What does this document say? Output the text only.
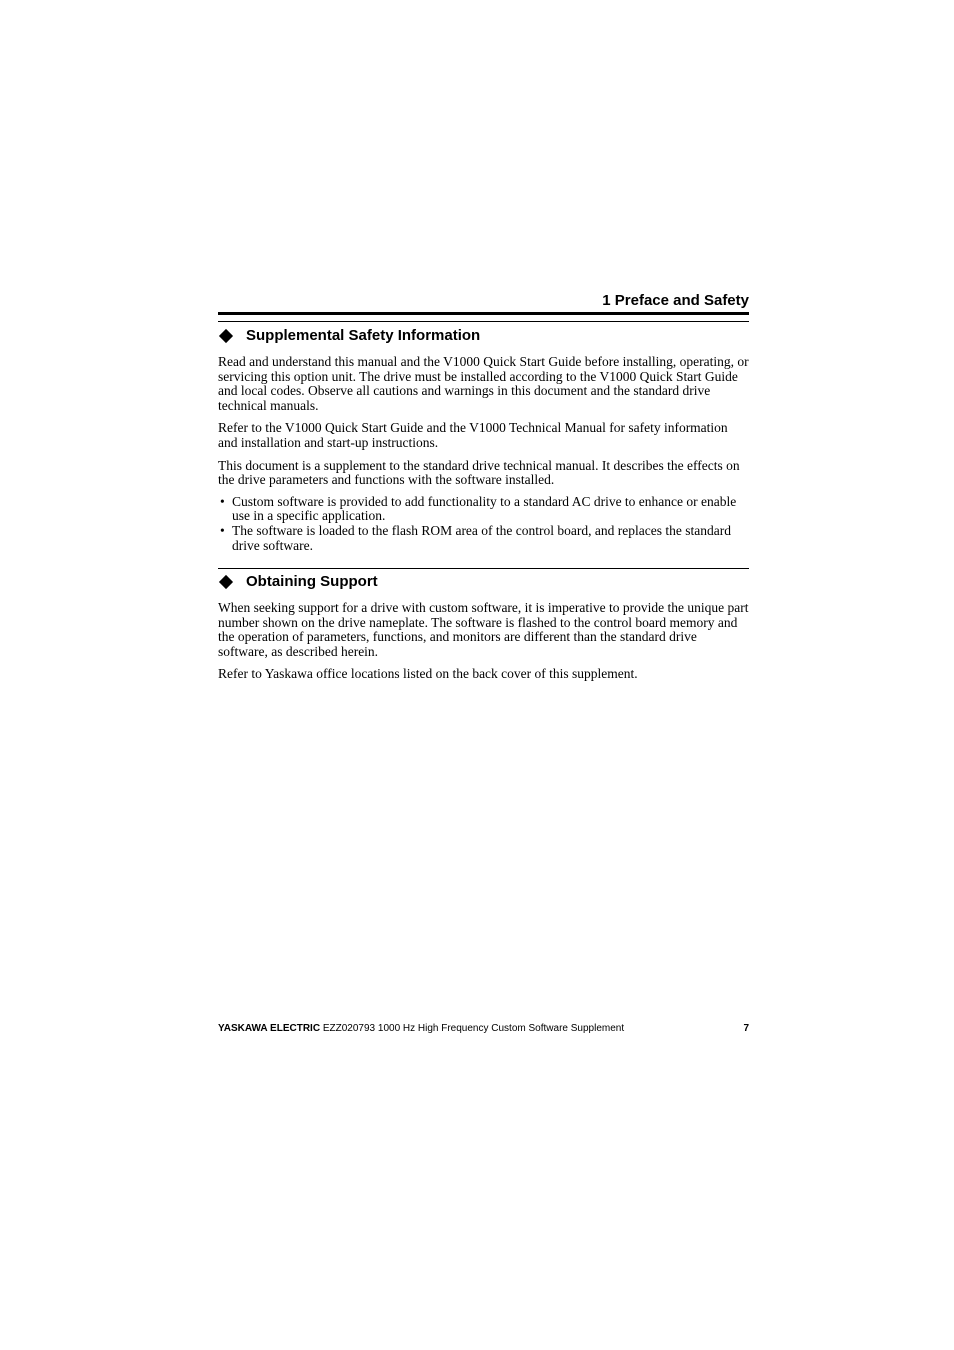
1 Preface and Safety
Supplemental Safety Information

Read and understand this manual and the V1000 Quick Start Guide before installing, operating, or servicing this option unit. The drive must be installed according to the V1000 Quick Start Guide and local codes. Observe all cautions and warnings in this document and the standard drive technical manuals.

Refer to the V1000 Quick Start Guide and the V1000 Technical Manual for safety information and installation and start-up instructions.

This document is a supplement to the standard drive technical manual. It describes the effects on the drive parameters and functions with the software installed.

• Custom software is provided to add functionality to a standard AC drive to enhance or enable use in a specific application.
• The software is loaded to the flash ROM area of the control board, and replaces the standard drive software.
Obtaining Support

When seeking support for a drive with custom software, it is imperative to provide the unique part number shown on the drive nameplate. The software is flashed to the control board memory and the operation of parameters, functions, and monitors are different than the standard drive software, as described herein.

Refer to Yaskawa office locations listed on the back cover of this supplement.

YASKAWA ELECTRIC EZZ020793 1000 Hz High Frequency Custom Software Supplement	7
